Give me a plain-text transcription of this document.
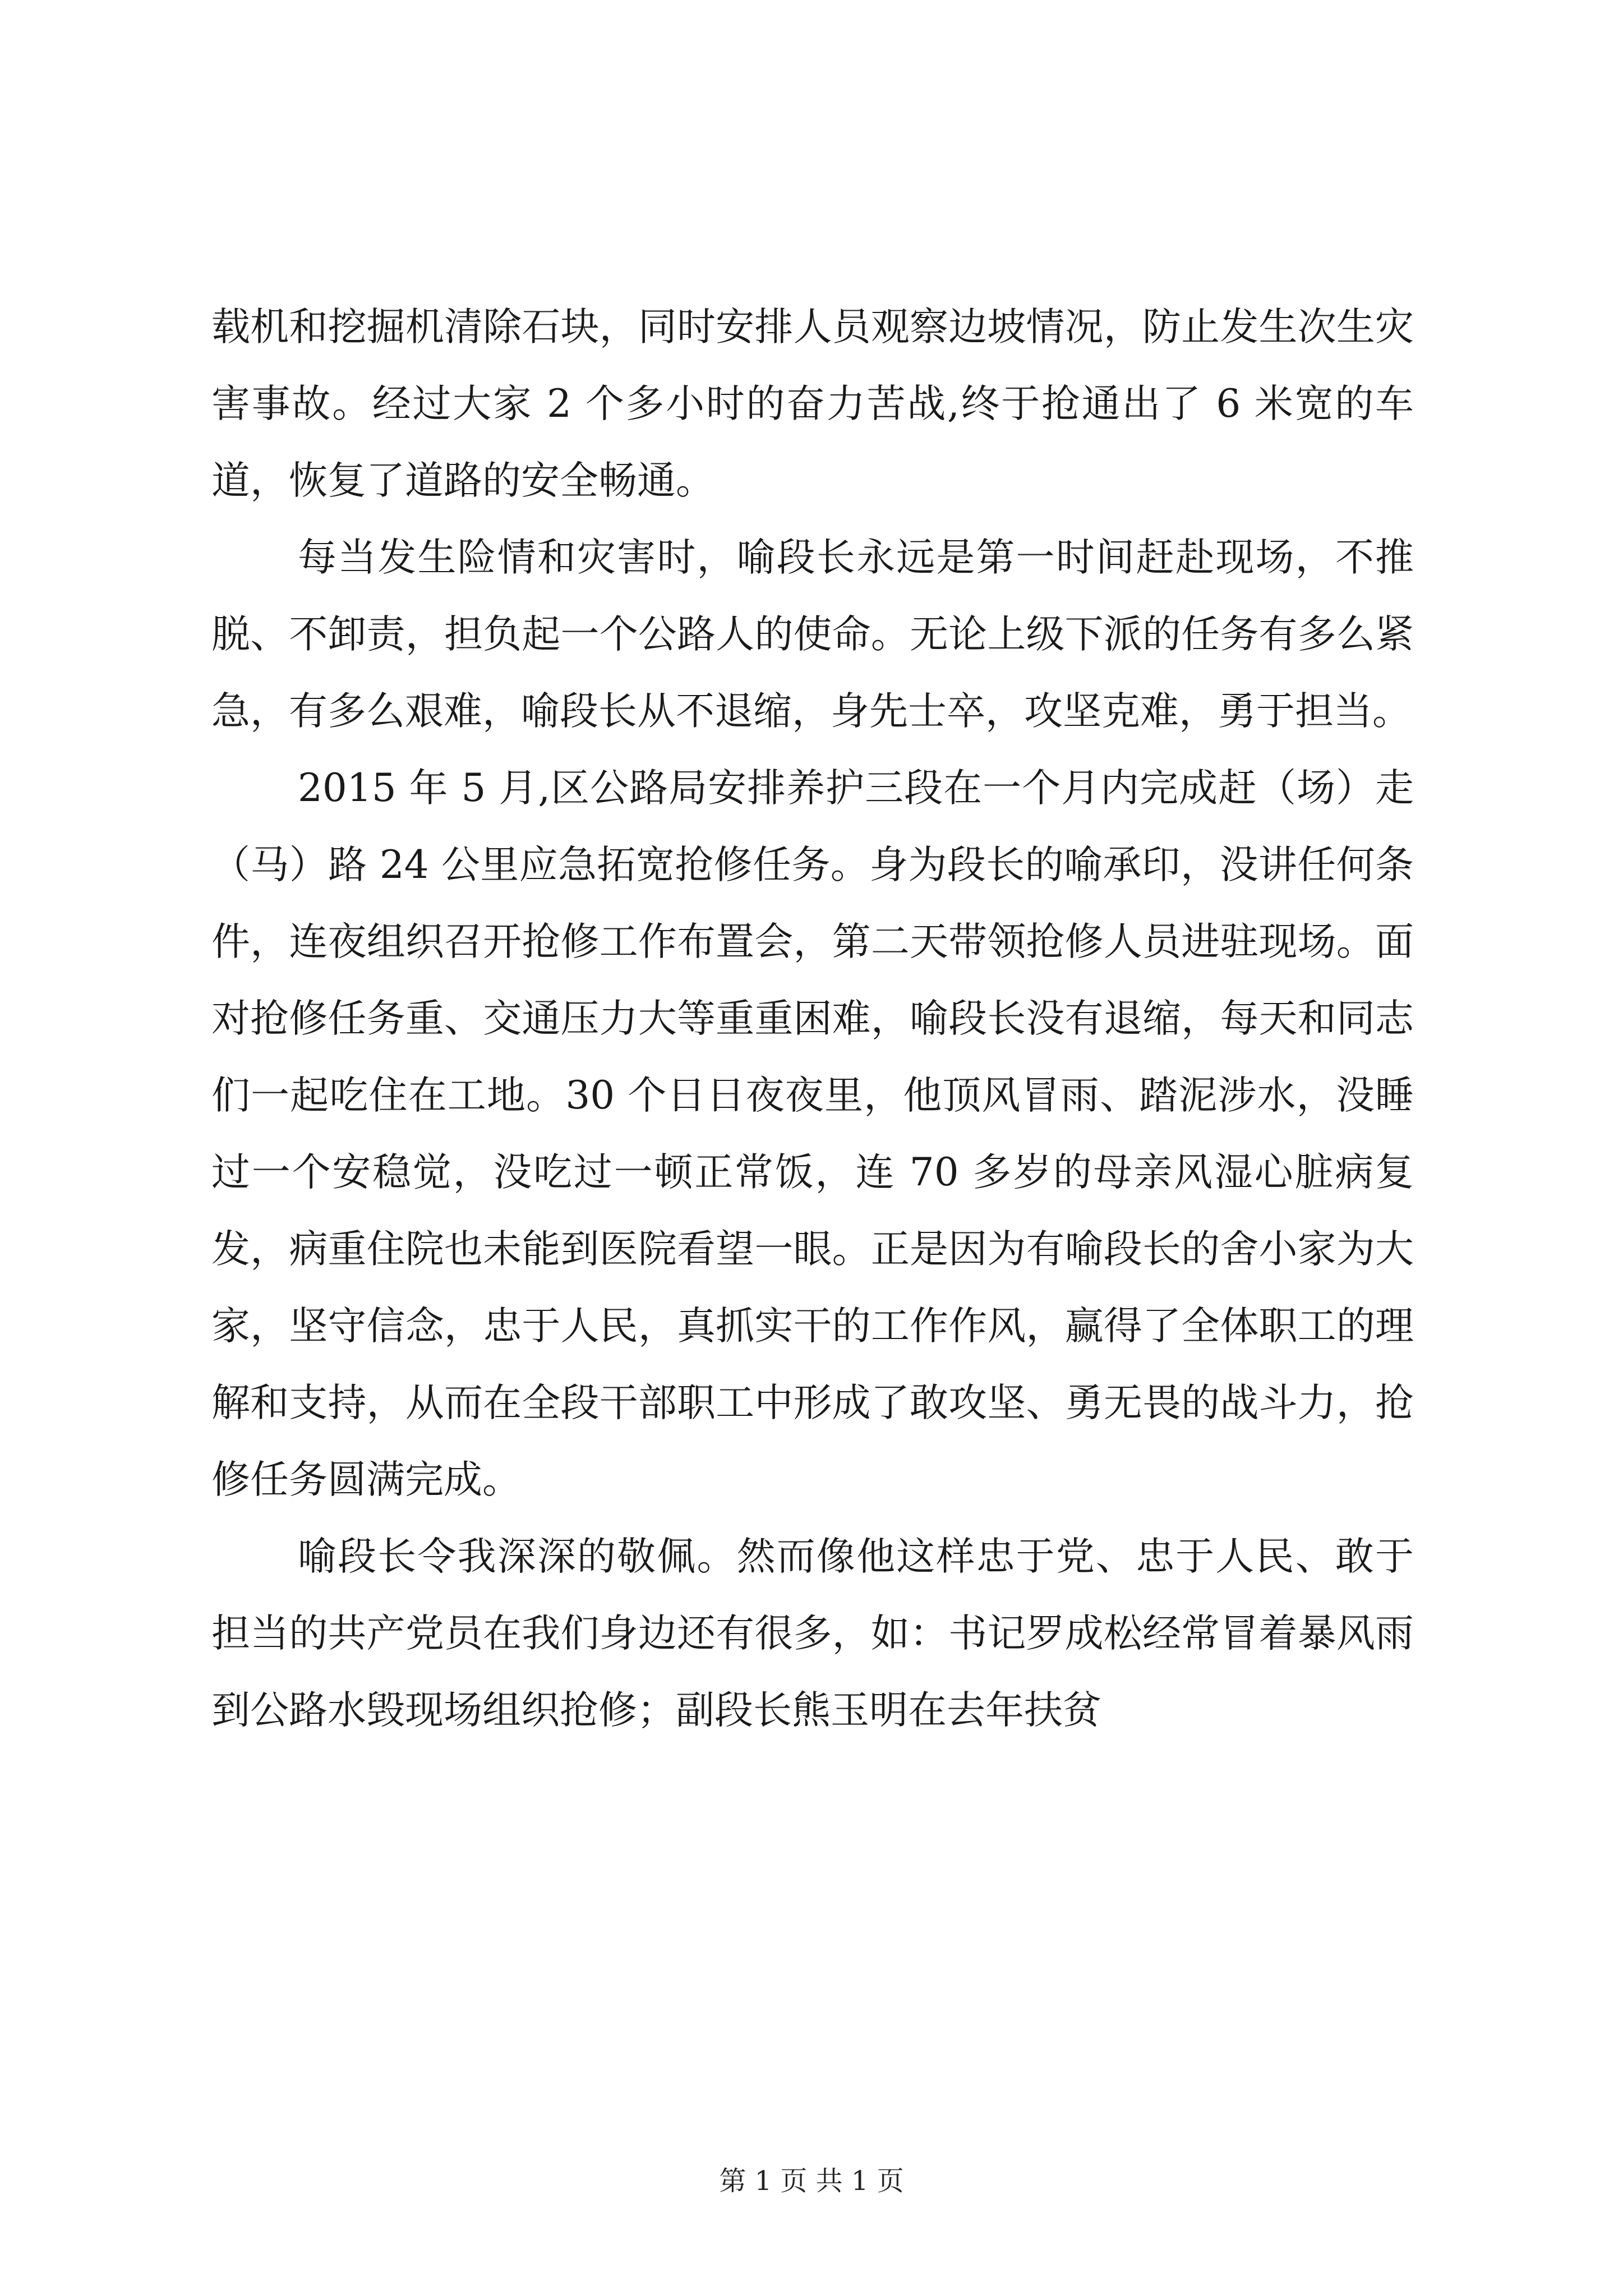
载机和挖掘机清除石块，同时安排人员观察边坡情况，防止发生次生灾害事故。经过大家 2 个多小时的奋力苦战,终于抢通出了 6 米宽的车道，恢复了道路的安全畅通。

每当发生险情和灾害时，喻段长永远是第一时间赶赴现场，不推脱、不卸责，担负起一个公路人的使命。无论上级下派的任务有多么紧急，有多么艰难，喻段长从不退缩，身先士卒，攻坚克难，勇于担当。

2015 年 5 月,区公路局安排养护三段在一个月内完成赶（场）走（马）路 24 公里应急拓宽抢修任务。身为段长的喻承印，没讲任何条件，连夜组织召开抢修工作布置会，第二天带领抢修人员进驻现场。面对抢修任务重、交通压力大等重重困难，喻段长没有退缩，每天和同志们一起吃住在工地。30 个日日夜夜里，他顶风冒雨、踏泥涉水，没睡过一个安稳觉，没吃过一顿正常饭，连 70 多岁的母亲风湿心脏病复发，病重住院也未能到医院看望一眼。正是因为有喻段长的舍小家为大家，坚守信念，忠于人民，真抓实干的工作作风，赢得了全体职工的理解和支持，从而在全段干部职工中形成了敢攻坚、勇无畏的战斗力，抢修任务圆满完成。

喻段长令我深深的敬佩。然而像他这样忠于党、忠于人民、敢于担当的共产党员在我们身边还有很多，如：书记罗成松经常冒着暴风雨到公路水毁现场组织抢修；副段长熊玉明在去年扶贫

第 1 页 共 1 页
